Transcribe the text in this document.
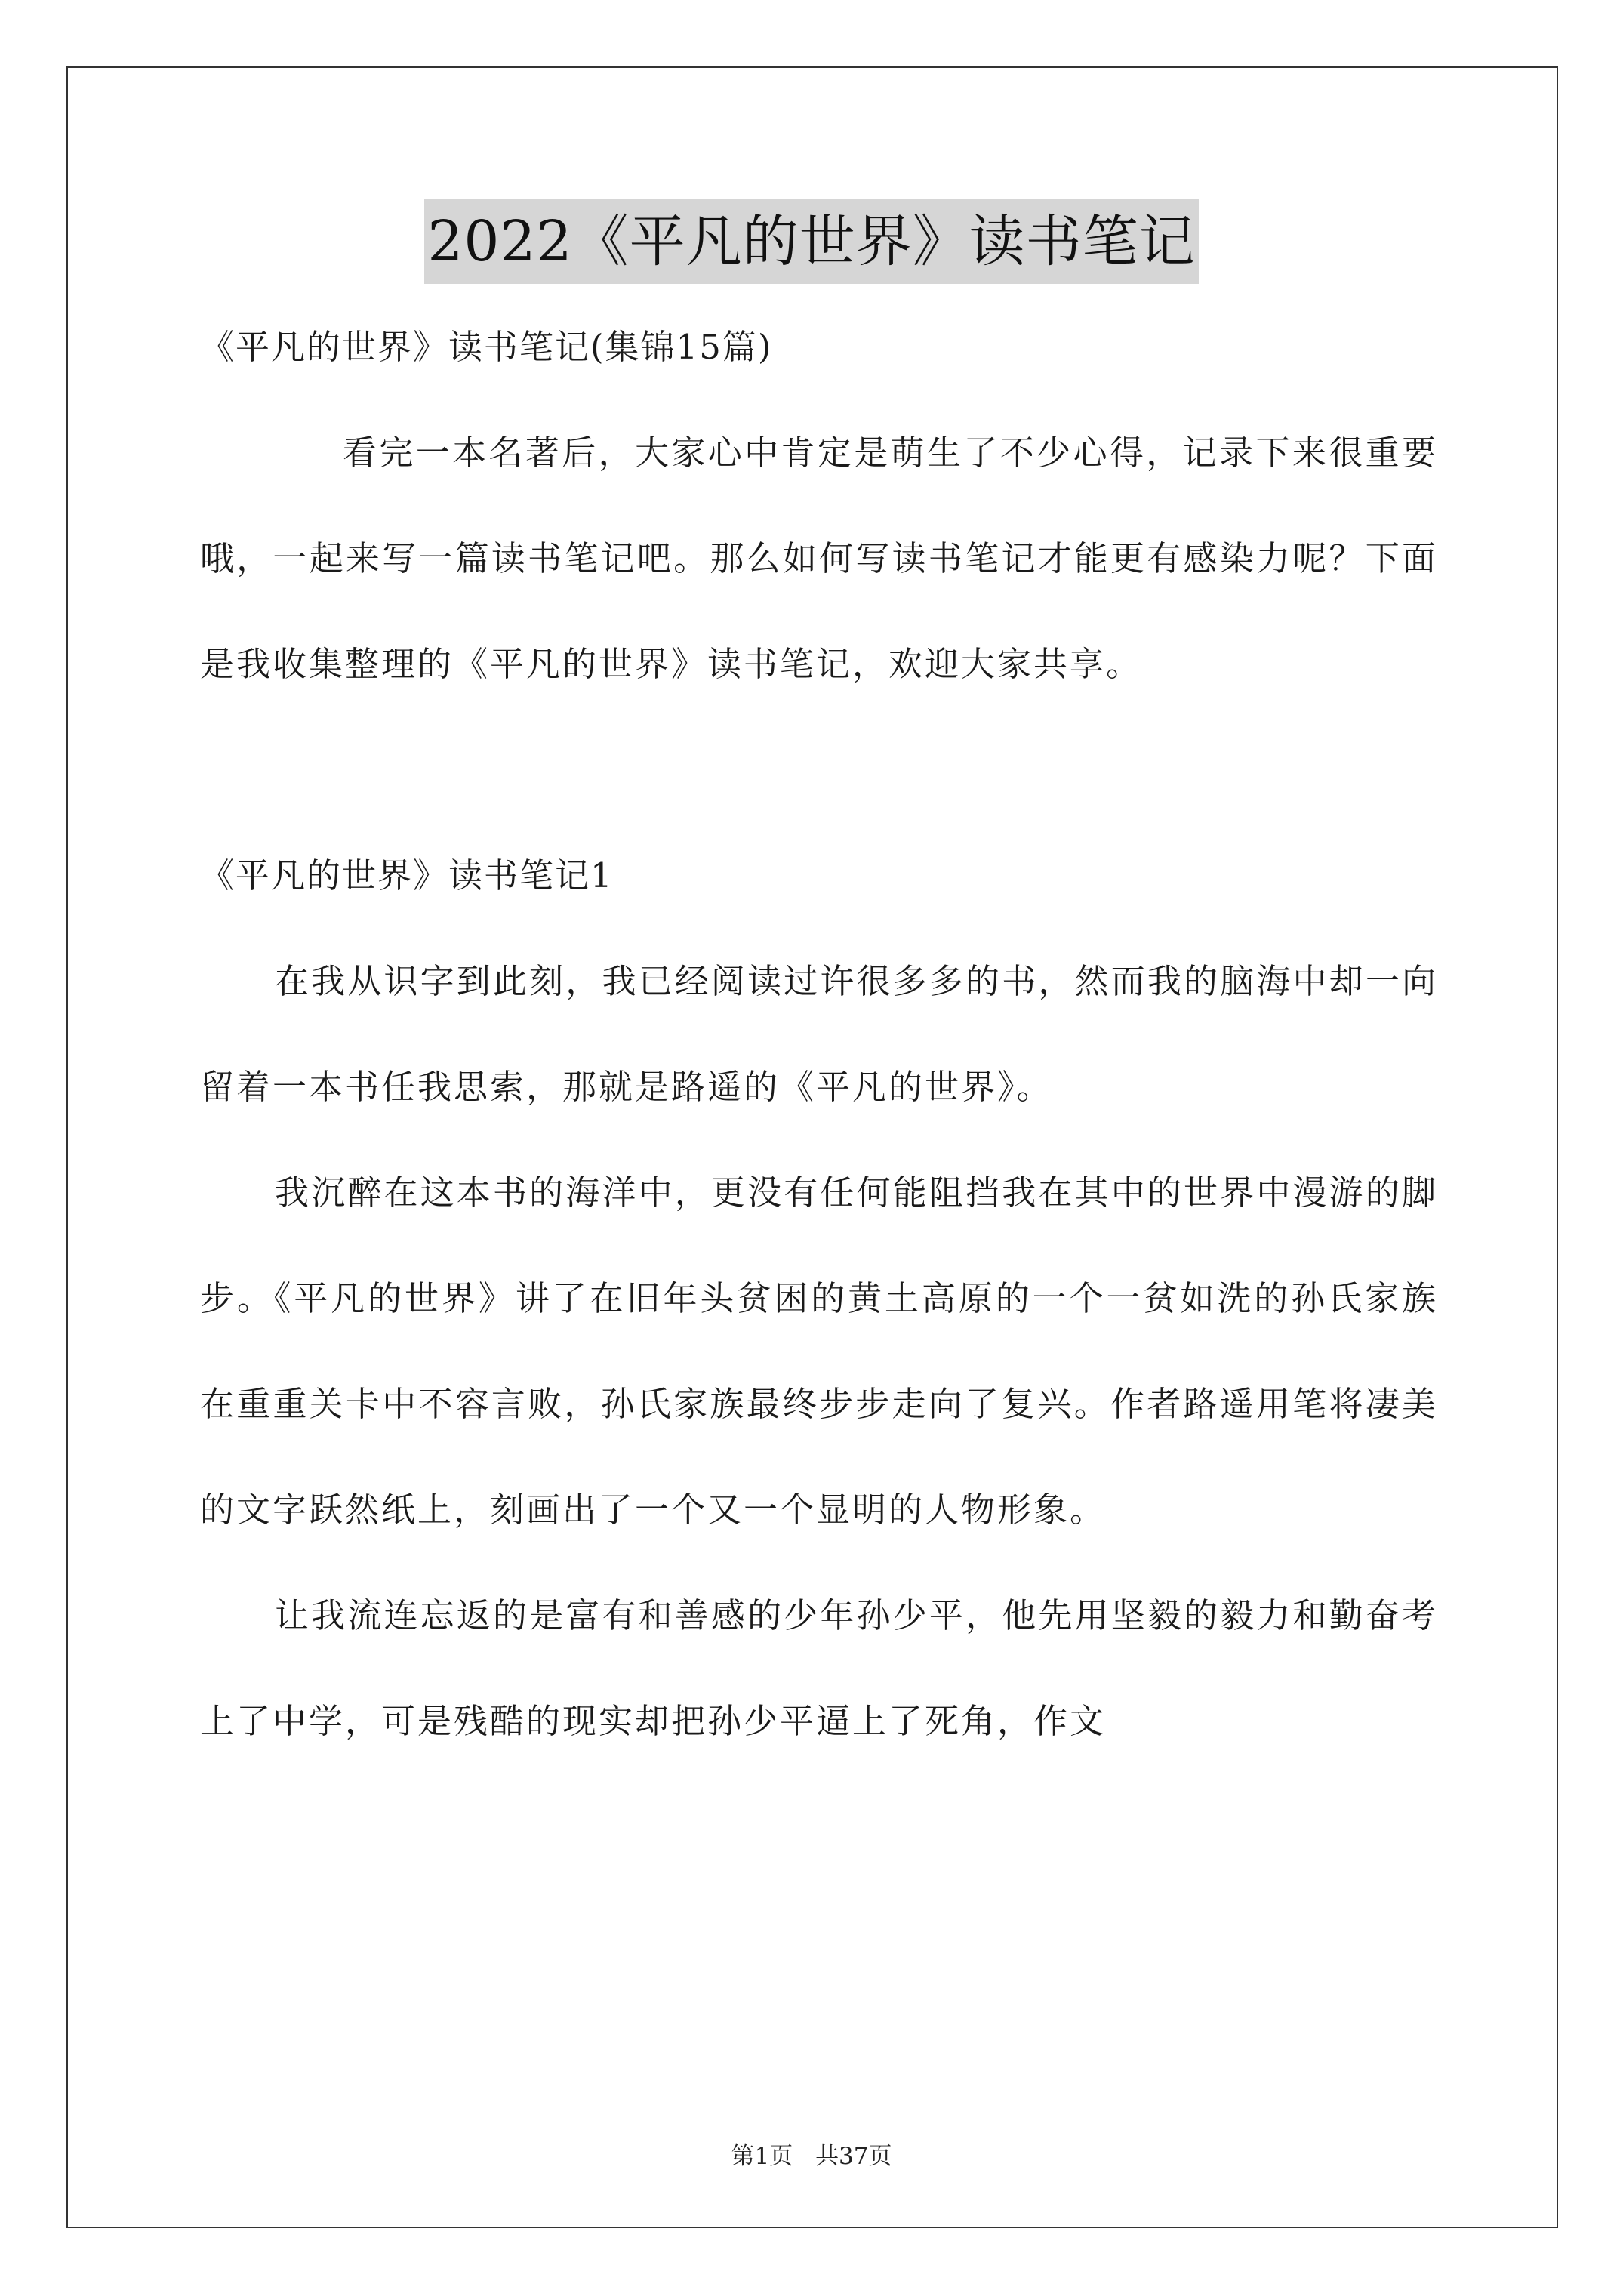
2022《平凡的世界》读书笔记

《平凡的世界》读书笔记(集锦15篇)

看完一本名著后，大家心中肯定是萌生了不少心得，记录下来很重要哦，一起来写一篇读书笔记吧。那么如何写读书笔记才能更有感染力呢？下面是我收集整理的《平凡的世界》读书笔记，欢迎大家共享。

《平凡的世界》读书笔记1

在我从识字到此刻，我已经阅读过许很多多的书，然而我的脑海中却一向留着一本书任我思索，那就是路遥的《平凡的世界》。

我沉醉在这本书的海洋中，更没有任何能阻挡我在其中的世界中漫游的脚步。《平凡的世界》讲了在旧年头贫困的黄土高原的一个一贫如洗的孙氏家族在重重关卡中不容言败，孙氏家族最终步步走向了复兴。作者路遥用笔将凄美的文字跃然纸上，刻画出了一个又一个显明的人物形象。

让我流连忘返的是富有和善感的少年孙少平，他先用坚毅的毅力和勤奋考上了中学，可是残酷的现实却把孙少平逼上了死角，作文

第1页 共37页
